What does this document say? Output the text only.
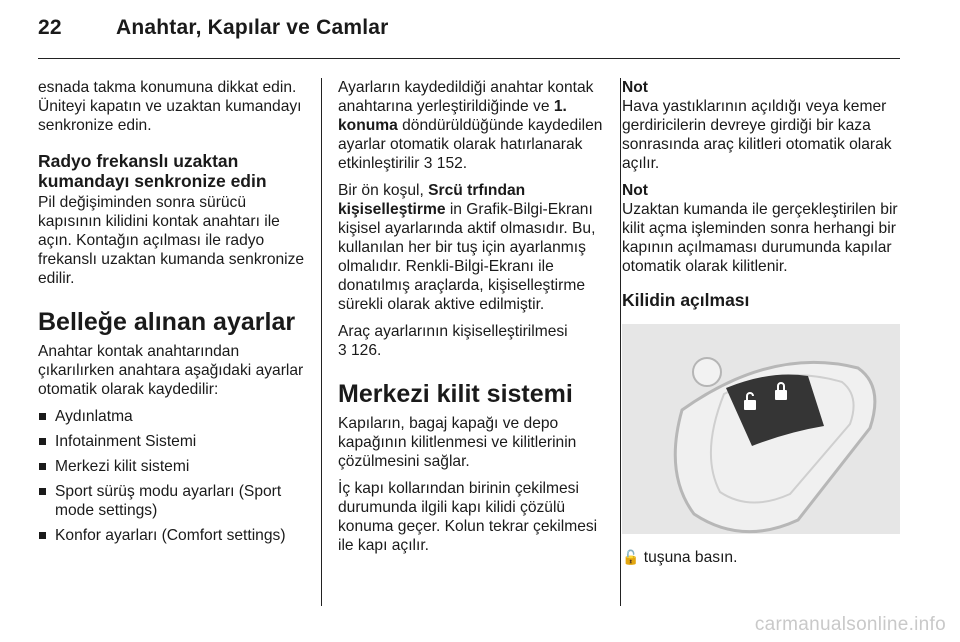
22	Anahtar, Kapılar ve Camlar

esnada takma konumuna dikkat edin. Üniteyi kapatın ve uzaktan kumandayı senkronize edin.

Radyo frekanslı uzaktan kumandayı senkronize edin

Pil değişiminden sonra sürücü kapısının kilidini kontak anahtarı ile açın. Kontağın açılması ile radyo frekanslı uzaktan kumanda senkronize edilir.

Belleğe alınan ayarlar

Anahtar kontak anahtarından çıkarılırken anahtara aşağıdaki ayarlar otomatik olarak kaydedilir:

Aydınlatma
Infotainment Sistemi
Merkezi kilit sistemi
Sport sürüş modu ayarları (Sport mode settings)
Konfor ayarları (Comfort settings)

Ayarların kaydedildiği anahtar kontak anahtarına yerleştirildiğinde ve 1. konuma döndürüldüğünde kaydedilen ayarlar otomatik olarak hatırlanarak etkinleştirilir 3 152.

Bir ön koşul, Srcü trfından kişiselleştirme in Grafik-Bilgi-Ekranı kişisel ayarlarında aktif olmasıdır. Bu, kullanılan her bir tuş için ayarlanmış olmalıdır. Renkli-Bilgi-Ekranı ile donatılmış araçlarda, kişiselleştirme sürekli olarak aktive edilmiştir.

Araç ayarlarının kişiselleştirilmesi
3 126.

Merkezi kilit sistemi

Kapıların, bagaj kapağı ve depo kapağının kilitlenmesi ve kilitlerinin çözülmesini sağlar.

İç kapı kollarından birinin çekilmesi durumunda ilgili kapı kilidi çözülü konuma geçer. Kolun tekrar çekilmesi ile kapı açılır.

Not
Hava yastıklarının açıldığı veya kemer gerdiricilerin devreye girdiği bir kaza sonrasında araç kilitleri otomatik olarak açılır.

Not
Uzaktan kumanda ile gerçekleştirilen bir kilit açma işleminden sonra herhangi bir kapının açılmaması durumunda kapılar otomatik olarak kilitlenir.

Kilidin açılması

🔓 tuşuna basın.

carmanualsonline.info
